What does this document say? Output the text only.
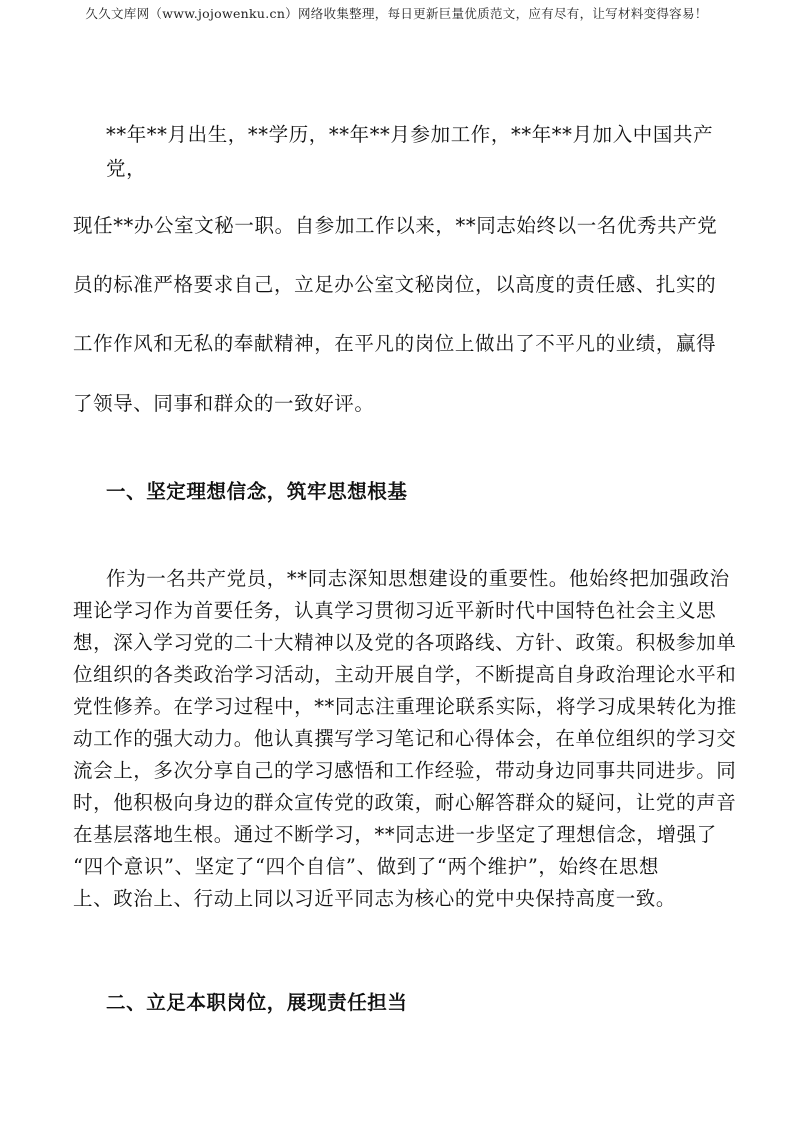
久久文库网（www.jojowenku.cn）网络收集整理，每日更新巨量优质范文，应有尽有，让写材料变得容易！
**年**月出生，**学历，**年**月参加工作，**年**月加入中国共产
党，
现任**办公室文秘一职。自参加工作以来，**同志始终以一名优秀共产党
员的标准严格要求自己，立足办公室文秘岗位，以高度的责任感、扎实的
工作作风和无私的奉献精神，在平凡的岗位上做出了不平凡的业绩，赢得
了领导、同事和群众的一致好评。
一、坚定理想信念，筑牢思想根基
作为一名共产党员，**同志深知思想建设的重要性。他始终把加强政治
理论学习作为首要任务，认真学习贯彻习近平新时代中国特色社会主义思
想，深入学习党的二十大精神以及党的各项路线、方针、政策。积极参加单
位组织的各类政治学习活动，主动开展自学，不断提高自身政治理论水平和
党性修养。在学习过程中，**同志注重理论联系实际，将学习成果转化为推
动工作的强大动力。他认真撰写学习笔记和心得体会，在单位组织的学习交
流会上，多次分享自己的学习感悟和工作经验，带动身边同事共同进步。同
时，他积极向身边的群众宣传党的政策，耐心解答群众的疑问，让党的声音
在基层落地生根。通过不断学习，**同志进一步坚定了理想信念，增强了
“四个意识”、坚定了“四个自信”、做到了“两个维护”，始终在思想
上、政治上、行动上同以习近平同志为核心的党中央保持高度一致。
二、立足本职岗位，展现责任担当
